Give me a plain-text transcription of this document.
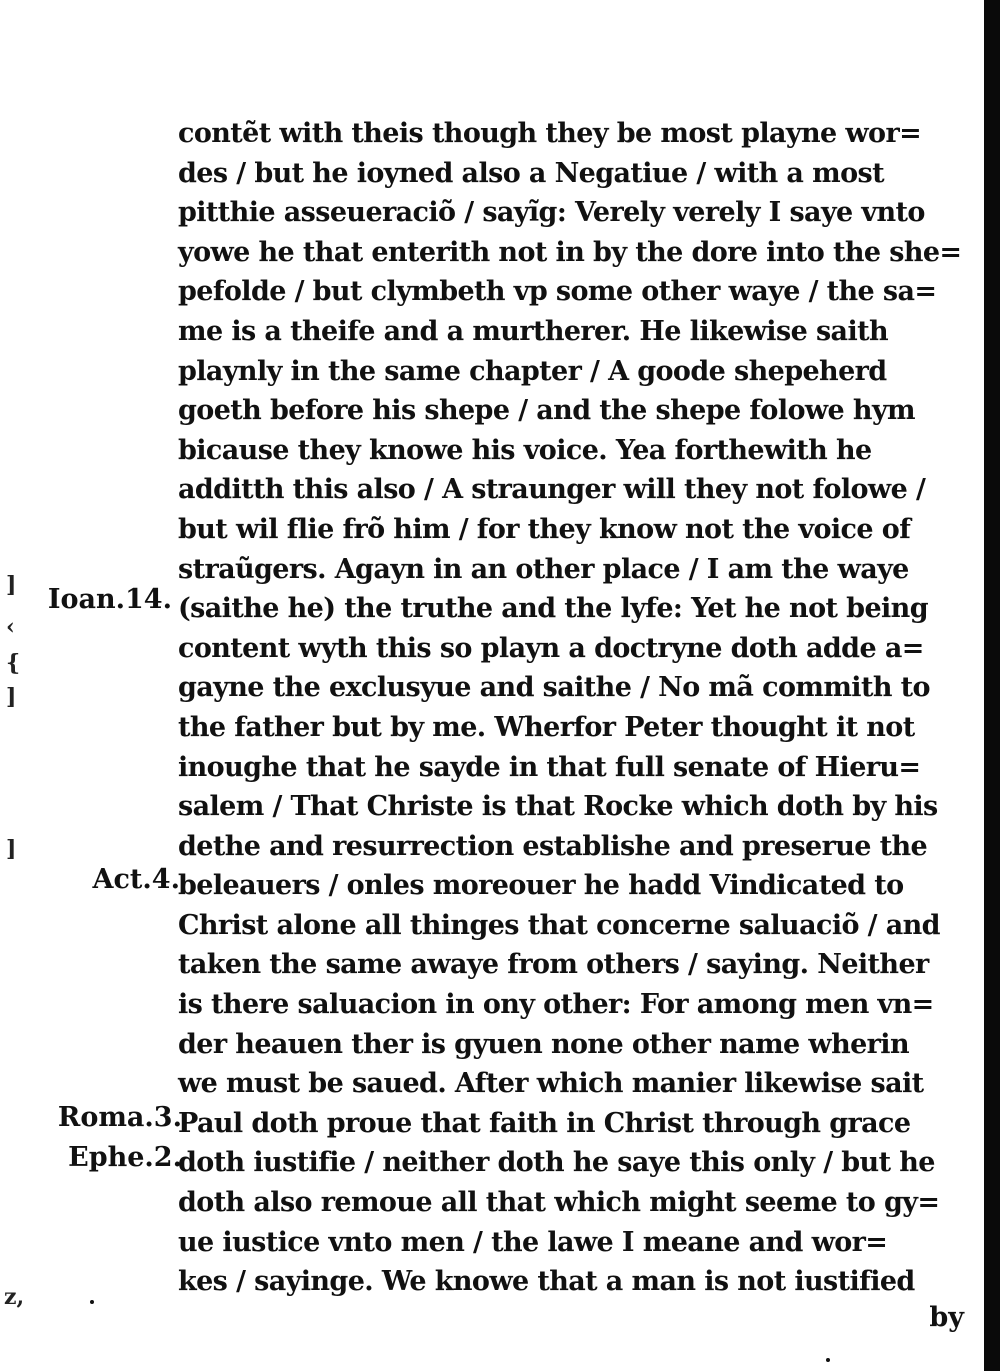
]
‹
{
]
]
z,
Ioan.14.
Act.4.
Roma.3.
Ephe.2.
contẽt with theis though they be most playne wor=
des / but he ioyned also a Negatiue / with a most
pitthie assеueraciõ / sayĩg: Verely verely I saye vnto
yowe he that enterith not in by the dore into the she=
pefolde / but clymbeth vp some other waye / the sa=
me is a theife and a murtherer. He likewise saith
playnly in the same chapter / A goode shepeherd
goeth before his shepe / and the shepe folowe hym
bicause they knowe his voice. Yea forthewith he
additth this also / A straunger will they not folowe /
but wil flie frõ him / for they know not the voice of
straũgers. Agayn in an other place / I am the waye
(saithe he) the truthe and the lyfe: Yet he not being
content wyth this so playn a doctryne doth adde a=
gayne the exclusyue and saithe / No mã commith to
the father but by me. Wherfor Peter thought it not
inoughe that he sayde in that full senate of Hieru=
salem / That Christe is that Rocke which doth by his
dethe and resurrection establishe and preserue the
beleauers / onles moreouer he hadd Vindicated to
Christ alone all thinges that concerne saluaciõ / and
taken the same awaye from others / saying. Neither
is there saluacion in ony other: For among men vn=
der heauen ther is gyuen none other name wherin
we must be saued. After which manier likewise sait
Paul doth proue that faith in Christ through grace
doth iustifie / neither doth he saye this only / but he
doth also remoue all that which might seeme to gy=
ue iustice vnto men / the lawe I meane and wor=
kes / sayinge. We knowe that a man is not iustified
by
